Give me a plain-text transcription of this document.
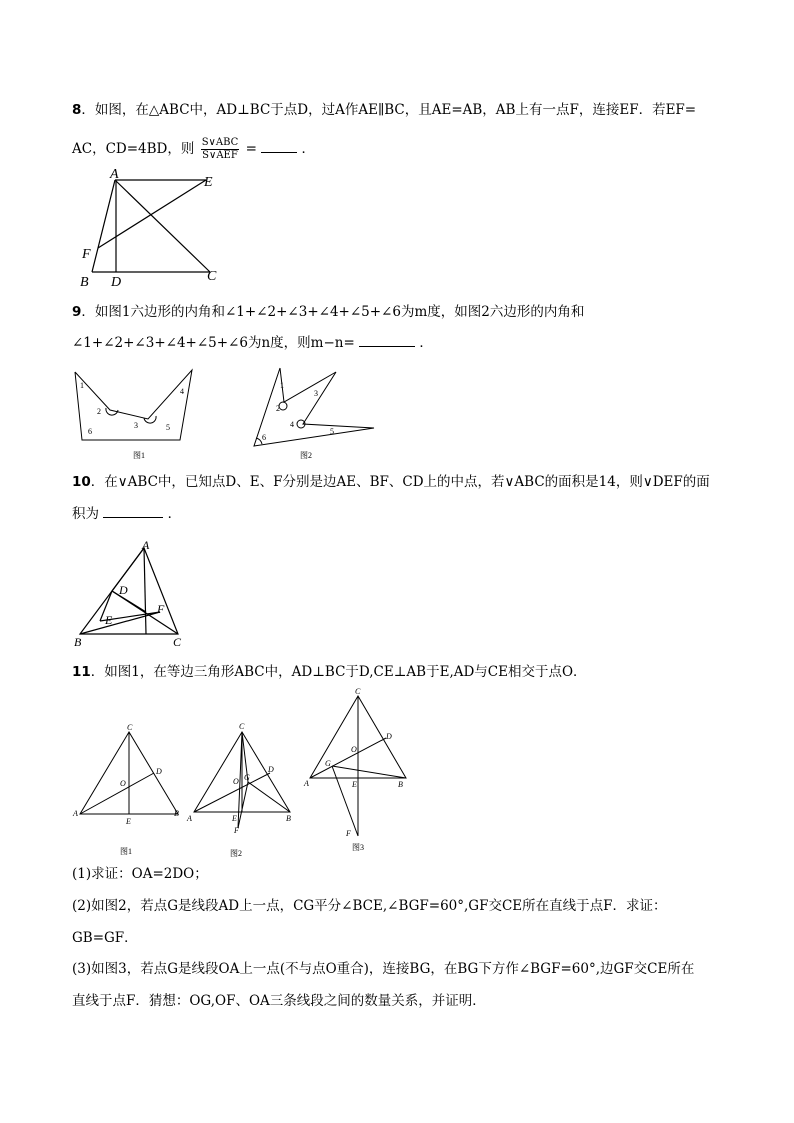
8．如图，在△ABC中，AD⊥BC于点D，过A作AE∥BC，且AE=AB，AB上有一点F，连接EF．若EF=
AC，CD=4BD，则 $\frac{\text{S∨ABC}}{\text{S∨AEF}}$ =	．
A
E
F
B D	C
9．如图1六边形的内角和∠1+∠2+∠3+∠4+∠5+∠6为m度，如图2六边形的内角和
∠1+∠2+∠3+∠4+∠5+∠6为n度，则m−n=	．
1
2
3
4
5
6
图1
1
2
3
4
5
6
图2
10．在∨ABC中，已知点D、E、F分别是边AE、BF、CD上的中点，若∨ABC的面积是14，则∨DEF的面
积为	．
A
D
F
E
B	C
11．如图1，在等边三角形ABC中，AD⊥BC于D,CE⊥AB于E,AD与CE相交于点O．
C
D
O
A
E
B
图1
C
D
O G
A	E	B
F
图2
C
D
O
G
A	E	B
F
图3
(1)求证：OA=2DO；
(2)如图2，若点G是线段AD上一点，CG平分∠BCE,∠BGF=60°,GF交CE所在直线于点F．求证：
GB=GF．
(3)如图3，若点G是线段OA上一点(不与点O重合)，连接BG，在BG下方作∠BGF=60°,边GF交CE所在
直线于点F．猜想：OG,OF、OA三条线段之间的数量关系，并证明．
